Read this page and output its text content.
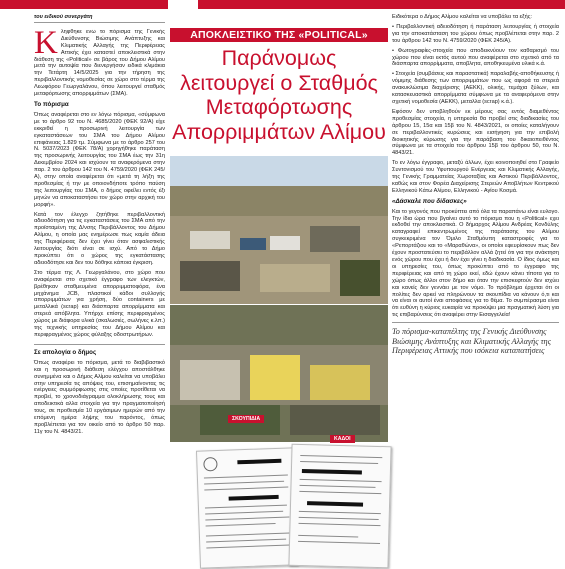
του ειδικού συνεργάτη
Κ ληφθηκε ενω το πόρισμα της Γενικής Διεύθυνσης Βιώσιμης Ανάπτυξης και Κλιματικής Αλλαγής της Περιφέρειας Αττικής έχει καταστεί αποκλειστικά στην διάθεση της «Political» σε βάρος του Δήμου Αλίμου μετά την αυτοψία που διενεργήσαν ειδικά κλιμάκια την Τετάρτη 14/5/2025 για την τήρηση της περιβαλλοντικής νομοθεσίας σε χώρο στο τέρμα της Λεωφόρου Γεωργαλάνου, όπου λειτουργεί σταθμός μεταφόρτωσης απορριμμάτων (ΣΜΑ).
Το πόρισμα

Όπως αναφέρεται στο εν λόγω πόρισμα, «σύμφωνα με το άρθρο 92 του Ν. 4685/2020 (ΦΕΚ 92/Α) είχε εκκριθεί η προσωρινή λειτουργία των εγκαταστάσεων του ΣΜΑ του Δήμου Αλίμου επιφάνειας 1.829 τμ. Σύμφωνα με το άρθρο 257 του Ν. 5037/2023 (ΦΕΚ 78/Α) χορηγήθηκε παράταση της προσωρινής λειτουργίας του ΣΜΑ έως την 31η Δεκεμβρίου 2024 και ισχύουν τα αναφερόμενα στην παρ. 2 του άρθρου 142 του Ν. 4759/2020 (ΦΕΚ 245/Α), στην οποία αναφέρεται ότι «μετά τη λήξη της προθεσμίας ή την με οποιονδήποτε τρόπο παύση της λειτουργίας του ΣΜΑ, ο δήμος οφείλει εντός έξι μηνών να αποκαταστήσει τον χώρο στην αρχική του μορφή».

Κατά τον έλεγχο ζητήθηκε περιβαλλοντική αδειοδότηση για τις εγκαταστάσεις του ΣΜΑ από την προϊσταμένη της Δ/νσης Περιβάλλοντος του Δήμου Αλίμου, η οποία μας ενημέρωσε πως καμία άδεια της Περιφέρειας δεν έχει γίνει όταν ασφαλιστικής λειτουργίας διότι είναι σε ισχύ. Από το Δήμο προκύπτει ότι ο χώρος της εγκατάστασης αδειοδότησε και δεν του δόθηκε κάποια έγκριση.

Στο τέρμα της Λ. Γεωργαλάνου, στο χώρο που αναφέρεται στο σχετικό έγγραφο των ελεγκτών, βρέθηκαν σταθμευμένα απορριμματοφόρα, ένα μηχάνημα JCB, πλαστικοί κάδοι συλλογής απορριμμάτων για χρήση, δύο containers με μεταλλικά (scrap) και διάσπαρτα απορρίμματα και στερεά απόβλητα. Υπήρχε επίσης περιφραγμένος χώρος με διάφορα υλικά (σκαλωσιές, σωλήνες κ.λπ.) της τεχνικής υπηρεσίας του Δήμου Αλίμου και περιφραγμένος χώρος φύλαξης οδοστρωτήρων.

Σε απολογία ο δήμος

Όπως αναφέρει το πόρισμα, μετά το διαβιβαστικό και η προσωρινή διάθεση ελέγχου αποστάλθηκε συνημμένα και ο Δήμος Αλίμου καλείται να υποβάλει στην υπηρεσία τις απόψεις του, επισημαίνοντας τις ενέργειες συμμόρφωσης στις οποίες προτίθεται να προβεί, το χρονοδιάγραμμα ολοκλήρωσης τους και αποδεικτικά αλλα στοιχεία για την πραγματοποίησή τους, σε προθεσμία 10 εργάσιμων ημερών από την επόμενη ημέρα λήψης του παρόντος, όπως προβλέπεται για τον οικείο από το άρθρο 50 παρ. 11γ του Ν. 4843/21.

ΑΠΟΚΛΕΙΣΤΙΚΟ ΤΗΣ «POLITICAL»
Παράνομως
λειτουργεί ο Σταθμός
Μεταφόρτωσης
Απορριμμάτων Αλίμου
ΣΚΟΥΠΙΔΙΑ
ΚΑΔΟΙ

Ειδικότερα ο Δήμος Αλίμου καλείται να υποβάλει τα εξής:

• Περιβαλλοντική αδειοδότηση ή παράταση λειτουργίας ή στοιχεία για την αποκατάσταση του χώρου όπως προβλέπεται στην παρ. 2 του άρθρου 142 του Ν. 4759/2020 (ΦΕΚ 245/Α).

• Φωτογραφίες-στοιχεία που αποδεικνύουν τον καθαρισμό του χώρου που είναι εκτός αυτού που αναφέρεται στο σχετικό από τα διάσπαρτα απορρίμματα, αποβλητα, αποθηκευμένα υλικά κ.ά.

• Στοιχεία (συμβάσεις και παραστατικά) παραλαβής-αποθήκευσης ή νόμιμης διάθεσης των απορριμμάτων που ως αφορά τα στερεά ανακυκλώσιμα διαχείρισης (ΑΕΚΚ), ολικής, τεμάχια ξύλων, και κατασκευαστικά απορρίμματα σύμφωνα με τα αναφερόμενα στην σχετική νομοθεσία (ΑΕΚΚ), μεταλλα (scrap) κ.ά.).

Εφόσον δεν υποβληθούν εκ μέρους σας εντός διαμεθέντος προθεσμίας στοιχεία, η υπηρεσία θα προβεί στις διαδικασίες του άρθρου 15, 15α και 15β του Ν. 4843/2021, οι οποίες καταλήγουν σε περιβαλλοντικές κυρώσεις και εισήγηση για την επιβολή διοικητικής κύρωσης για την παράβαση του δικαιοπειθέντος σύμφωνα με τα στοιχεία του άρθρου 15β του άρθρου 50, του Ν. 4843/21.

Το εν λόγω έγγραφο, μεταξύ άλλων, έχει κοινοποιηθεί στο Γραφείο Συντονισμού του Υφυπουργού Ενέργειας και Κλιματικής Αλλαγής, της Γενικής Γραμματείας Χωροταξίας και Αστικού Περιβάλλοντος, καθώς και στον Φορέα Διαχείρισης Στερεών Αποβλήτων Κεντρικού Ελληνικού Κάτω Αλίμου, Ελληνικού - Αγίου Κοσμά.

«Δάσκαλε που δίδασκες»

Και το γεγονός που προκύπτει από όλα τα παραπάνω είναι ευλογο. Την ίδια ώρα που βγαίνει αυτό το πόρισμα που η «Political» εχει εκδοθεί την αποκλειστικά. Ο δήμαρχος Αλίμου Ανδρέας Κονδύλης καταγραφεί επικεντρωμένος της παράτασης του Αλίμου συγκεκριμένα τον Όμιλο Σταθμόυπη καταστροφές για το «Ρεπορτάζιου και το «Μαραθώνα», οι οποίοι εφευρίσκουν πως δεν έχουν προστατεύσει το περιβάλλον αλλά ζητεί ότι για την ανάκτηση ενός χώρου που έχει ή δεν έχει γίνει η διαδικασία. Ο ίδιος όμως και οι υπηρεσίες του, όπως προκύπτει από το έγγραφο της περιφέρειας και από τη χώρο εκεί, εδώ έχουν κάνει τίποτα για το χώρο όπως άλλοι στον δήμο και όταν την επισκεφτούν δεν ισχύει και κανείς δεν γεννάει με τον νόμο. Το πρόβλημα έρχεται ότι οι πολίτες δεν αρκεί να πληρώνουν τα σκουπίδια να κάνουν ό,τι και να είναι οι αυτοί έναι αποφάσεις για το θέμα. Το συμπέρασμα είναι ότι ευθύνη η κύριος ευκαιρία να προκύψει μια πραγματική λύση για τις επιβαρύνσεις ότι αναφέρει στην Εισαγγελεία!

Το πόρισμα-καταπέλτης της Γενικής Διεύθυνσης Βιώσιμης Ανάπτυξης και Κλιματικής Αλλαγής της Περιφέρειας Αττικής που ισόκεια καταπατήσεις
